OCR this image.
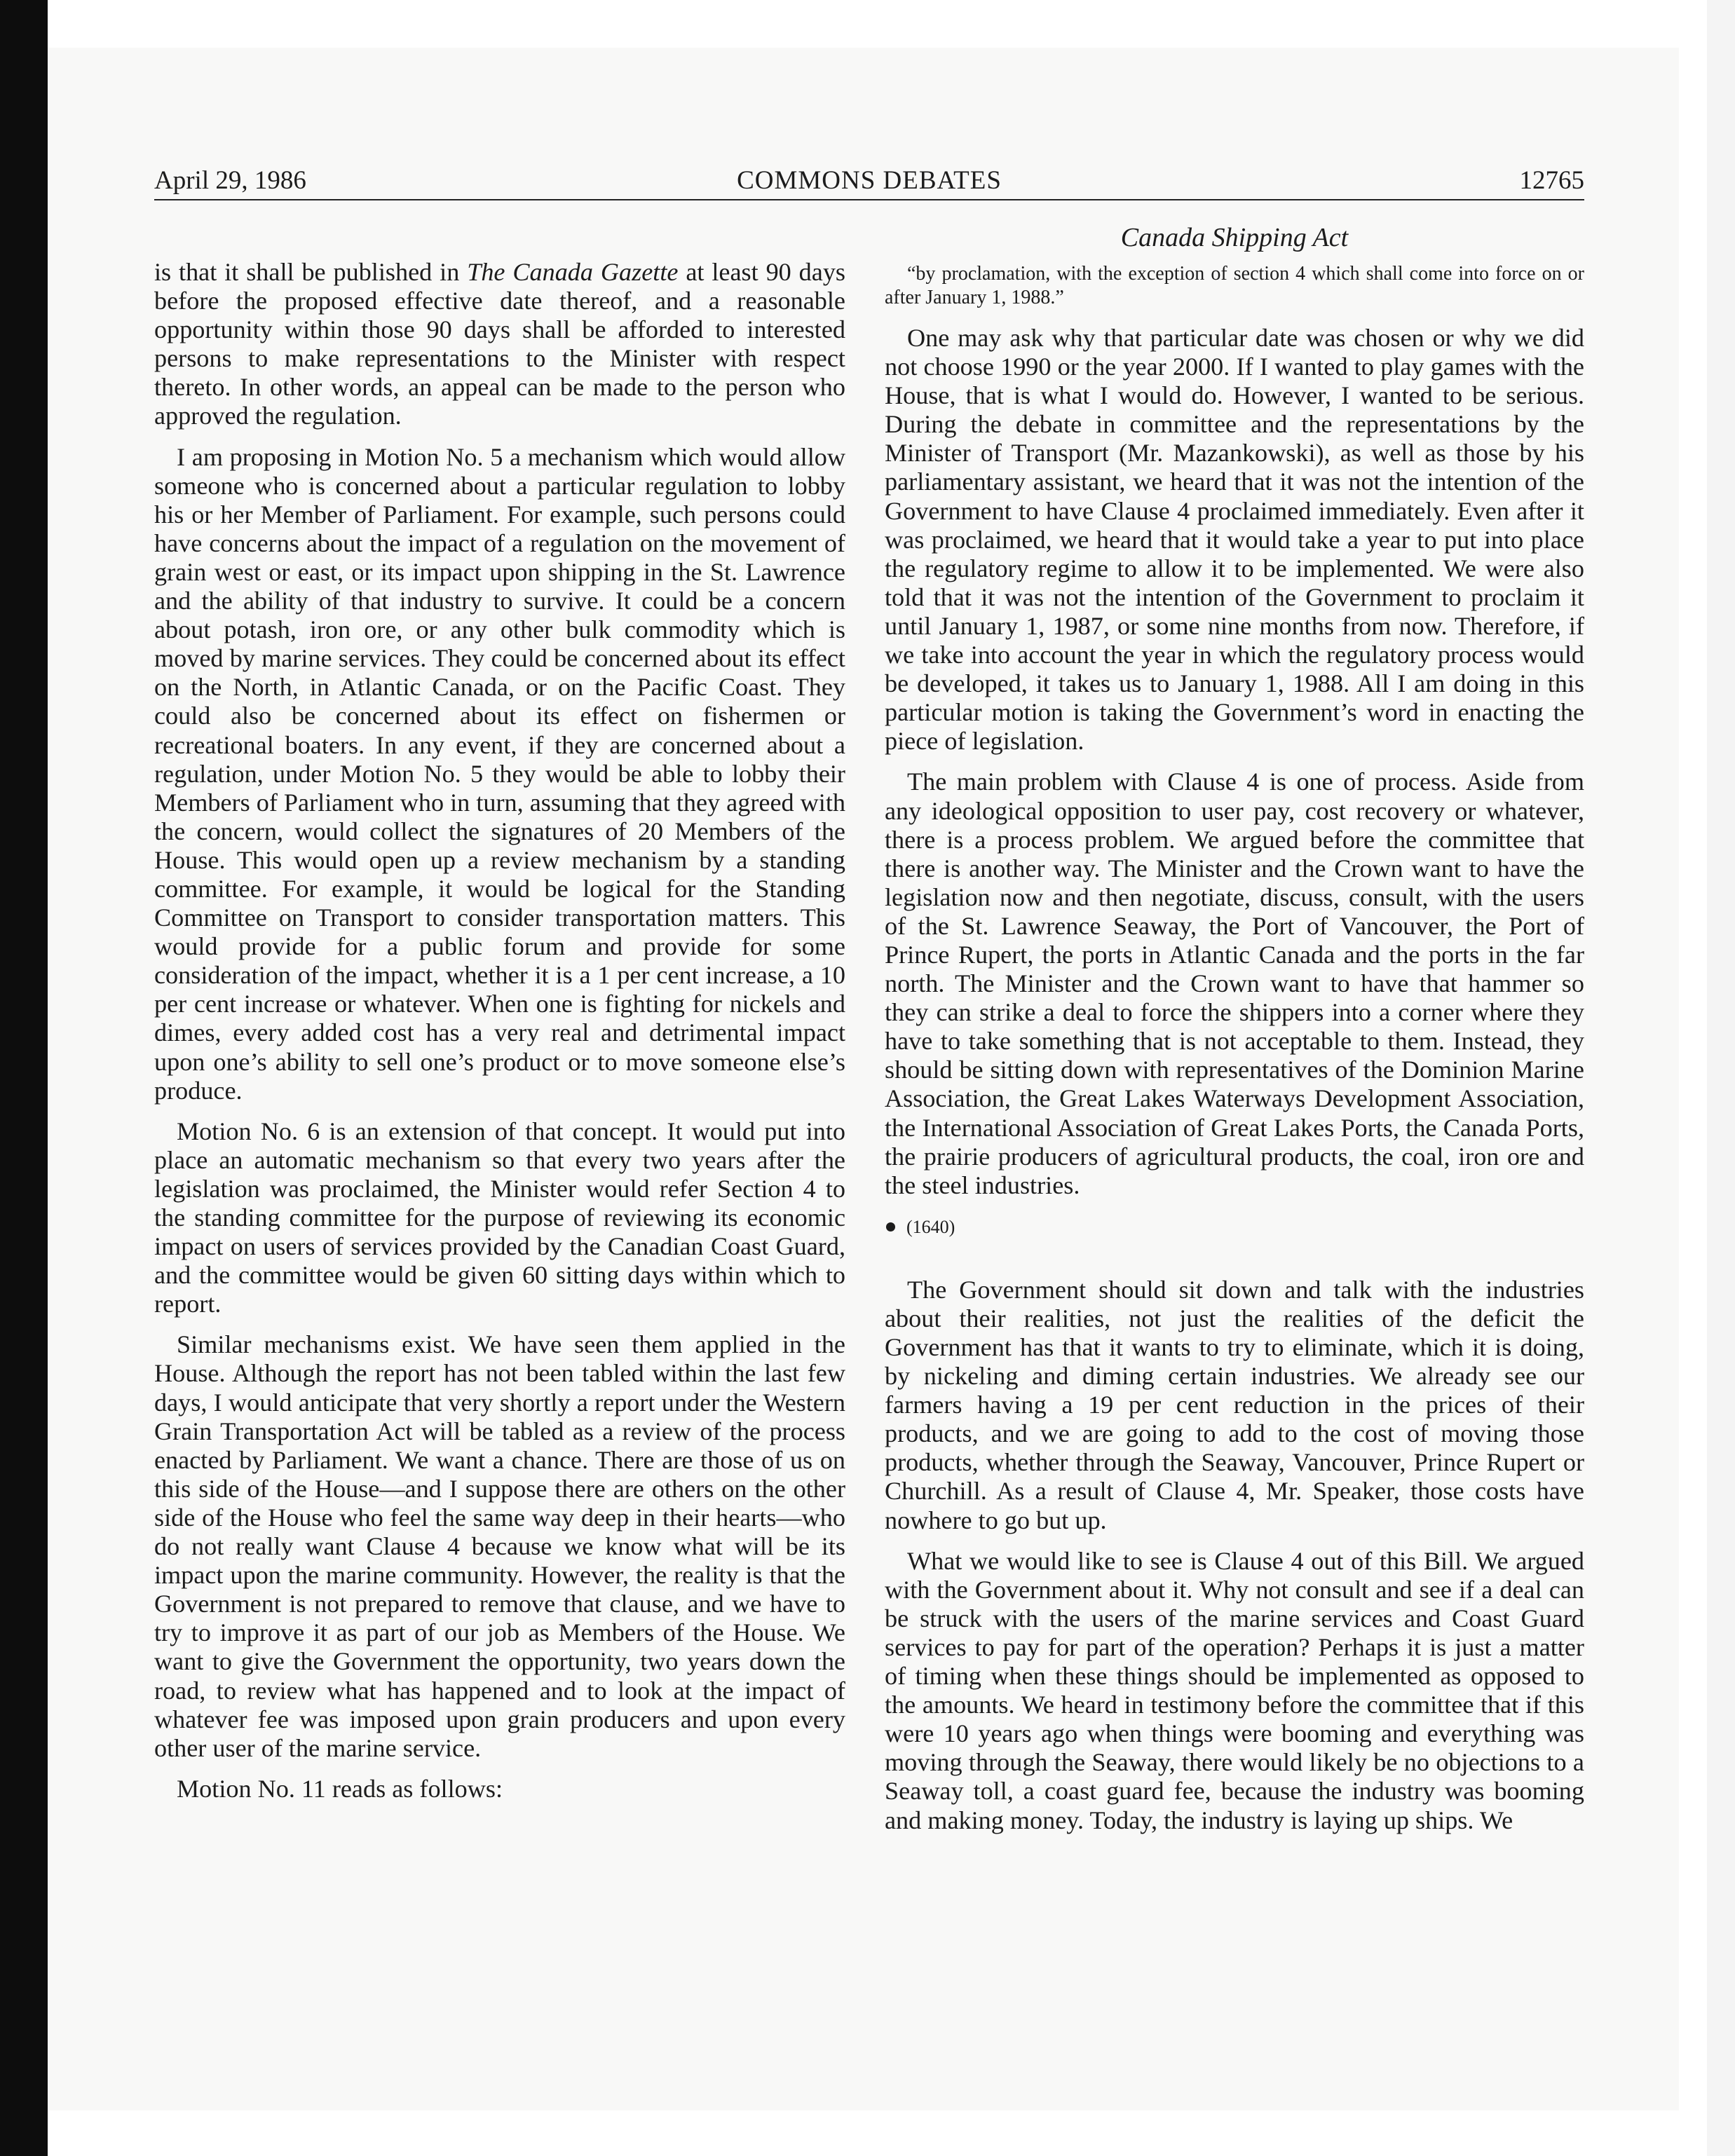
April 29, 1986	COMMONS DEBATES	12765
Canada Shipping Act

is that it shall be published in The Canada Gazette at least 90 days before the proposed effective date thereof, and a reasonable opportunity within those 90 days shall be afforded to interested persons to make representations to the Minister with respect thereto. In other words, an appeal can be made to the person who approved the regulation.

I am proposing in Motion No. 5 a mechanism which would allow someone who is concerned about a particular regulation to lobby his or her Member of Parliament. For example, such persons could have concerns about the impact of a regulation on the movement of grain west or east, or its impact upon shipping in the St. Lawrence and the ability of that industry to survive. It could be a concern about potash, iron ore, or any other bulk commodity which is moved by marine services. They could be concerned about its effect on the North, in Atlantic Canada, or on the Pacific Coast. They could also be concerned about its effect on fishermen or recreational boaters. In any event, if they are concerned about a regulation, under Motion No. 5 they would be able to lobby their Members of Parliament who in turn, assuming that they agreed with the concern, would collect the signatures of 20 Members of the House. This would open up a review mechanism by a standing committee. For example, it would be logical for the Standing Committee on Transport to consider transportation matters. This would provide for a public forum and provide for some consideration of the impact, whether it is a 1 per cent increase, a 10 per cent increase or whatever. When one is fighting for nickels and dimes, every added cost has a very real and detrimental impact upon one’s ability to sell one’s product or to move someone else’s produce.

Motion No. 6 is an extension of that concept. It would put into place an automatic mechanism so that every two years after the legislation was proclaimed, the Minister would refer Section 4 to the standing committee for the purpose of reviewing its economic impact on users of services provided by the Canadian Coast Guard, and the committee would be given 60 sitting days within which to report.

Similar mechanisms exist. We have seen them applied in the House. Although the report has not been tabled within the last few days, I would anticipate that very shortly a report under the Western Grain Transportation Act will be tabled as a review of the process enacted by Parliament. We want a chance. There are those of us on this side of the House—and I suppose there are others on the other side of the House who feel the same way deep in their hearts—who do not really want Clause 4 because we know what will be its impact upon the marine community. However, the reality is that the Government is not prepared to remove that clause, and we have to try to improve it as part of our job as Members of the House. We want to give the Government the opportunity, two years down the road, to review what has happened and to look at the impact of whatever fee was imposed upon grain producers and upon every other user of the marine service.

Motion No. 11 reads as follows:

“by proclamation, with the exception of section 4 which shall come into force on or after January 1, 1988.”

One may ask why that particular date was chosen or why we did not choose 1990 or the year 2000. If I wanted to play games with the House, that is what I would do. However, I wanted to be serious. During the debate in committee and the representations by the Minister of Transport (Mr. Mazankowski), as well as those by his parliamentary assistant, we heard that it was not the intention of the Government to have Clause 4 proclaimed immediately. Even after it was proclaimed, we heard that it would take a year to put into place the regulatory regime to allow it to be implemented. We were also told that it was not the intention of the Government to proclaim it until January 1, 1987, or some nine months from now. Therefore, if we take into account the year in which the regulatory process would be developed, it takes us to January 1, 1988. All I am doing in this particular motion is taking the Government’s word in enacting the piece of legislation.

The main problem with Clause 4 is one of process. Aside from any ideological opposition to user pay, cost recovery or whatever, there is a process problem. We argued before the committee that there is another way. The Minister and the Crown want to have the legislation now and then negotiate, discuss, consult, with the users of the St. Lawrence Seaway, the Port of Vancouver, the Port of Prince Rupert, the ports in Atlantic Canada and the ports in the far north. The Minister and the Crown want to have that hammer so they can strike a deal to force the shippers into a corner where they have to take something that is not acceptable to them. Instead, they should be sitting down with representatives of the Dominion Marine Association, the Great Lakes Waterways Development Association, the International Association of Great Lakes Ports, the Canada Ports, the prairie producers of agricultural products, the coal, iron ore and the steel industries.

(1640)

The Government should sit down and talk with the industries about their realities, not just the realities of the deficit the Government has that it wants to try to eliminate, which it is doing, by nickeling and diming certain industries. We already see our farmers having a 19 per cent reduction in the prices of their products, and we are going to add to the cost of moving those products, whether through the Seaway, Vancouver, Prince Rupert or Churchill. As a result of Clause 4, Mr. Speaker, those costs have nowhere to go but up.

What we would like to see is Clause 4 out of this Bill. We argued with the Government about it. Why not consult and see if a deal can be struck with the users of the marine services and Coast Guard services to pay for part of the operation? Perhaps it is just a matter of timing when these things should be implemented as opposed to the amounts. We heard in testimony before the committee that if this were 10 years ago when things were booming and everything was moving through the Seaway, there would likely be no objections to a Seaway toll, a coast guard fee, because the industry was booming and making money. Today, the industry is laying up ships. We
